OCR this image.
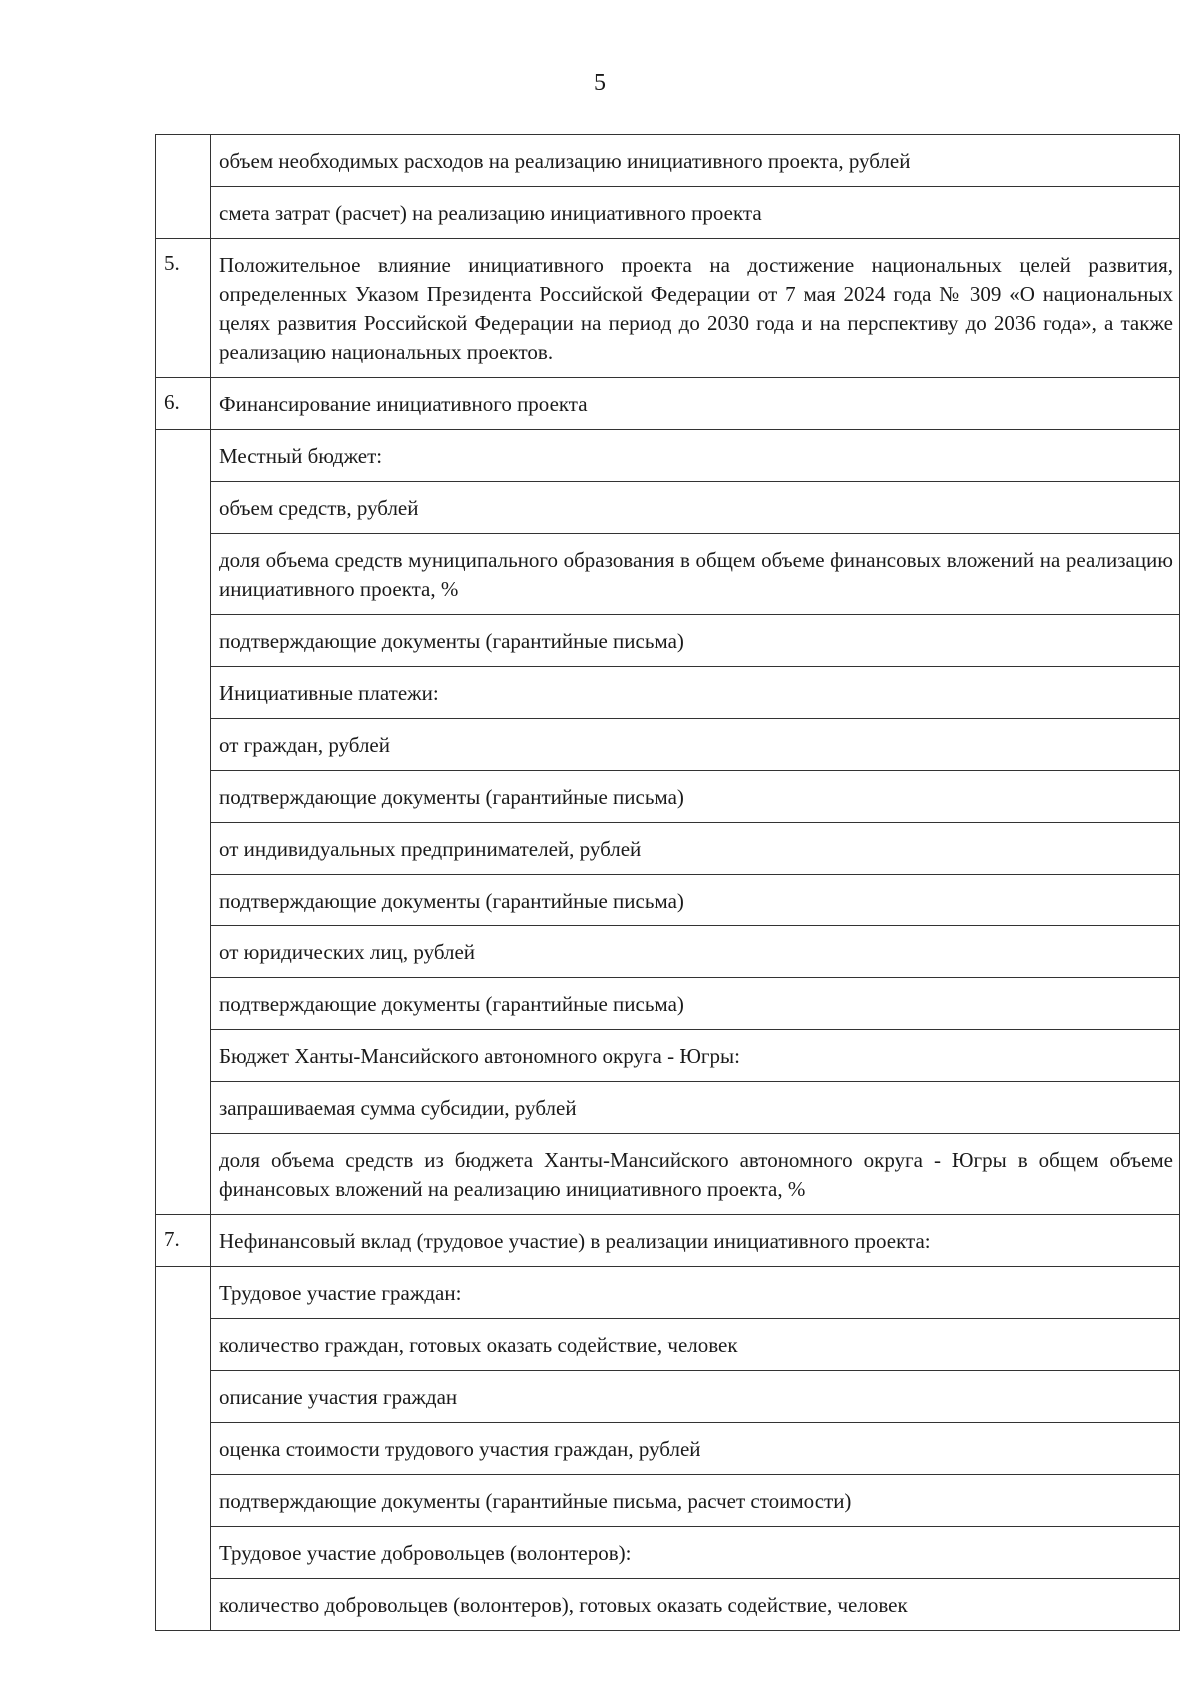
5
	объем необходимых расходов на реализацию инициативного проекта, рублей
	смета затрат (расчет) на реализацию инициативного проекта
5.	Положительное влияние инициативного проекта на достижение национальных целей развития, определенных Указом Президента Российской Федерации от 7 мая 2024 года № 309 «О национальных целях развития Российской Федерации на период до 2030 года и на перспективу до 2036 года», а также реализацию национальных проектов.
6.	Финансирование инициативного проекта
	Местный бюджет:
	объем средств, рублей
	доля объема средств муниципального образования в общем объеме финансовых вложений на реализацию инициативного проекта, %
	подтверждающие документы (гарантийные письма)
	Инициативные платежи:
	от граждан, рублей
	подтверждающие документы (гарантийные письма)
	от индивидуальных предпринимателей, рублей
	подтверждающие документы (гарантийные письма)
	от юридических лиц, рублей
	подтверждающие документы (гарантийные письма)
	Бюджет Ханты-Мансийского автономного округа - Югры:
	запрашиваемая сумма субсидии, рублей
	доля объема средств из бюджета Ханты-Мансийского автономного округа - Югры в общем объеме финансовых вложений на реализацию инициативного проекта, %
7.	Нефинансовый вклад (трудовое участие) в реализации инициативного проекта:
	Трудовое участие граждан:
	количество граждан, готовых оказать содействие, человек
	описание участия граждан
	оценка стоимости трудового участия граждан, рублей
	подтверждающие документы (гарантийные письма, расчет стоимости)
	Трудовое участие добровольцев (волонтеров):
	количество добровольцев (волонтеров), готовых оказать содействие, человек
